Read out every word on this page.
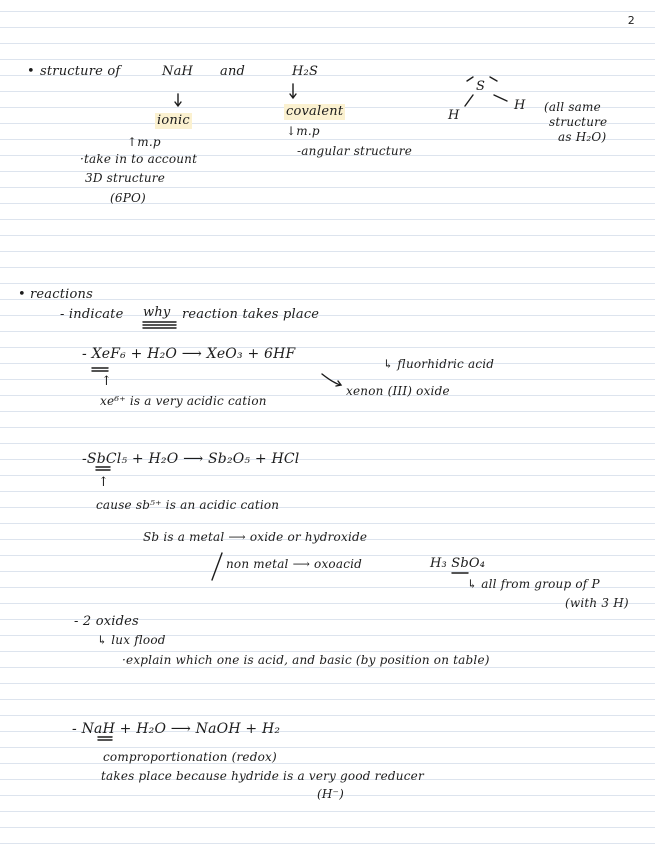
2
• structure of	NaH and	H₂S
ionic
↑m.p
·take in to account
3D structure
(6PO)
covalent
↓m.p
-angular structure
S
H
H (all same
structure
as H₂O)
• reactions
- indicate why reaction takes place
- XeF₆ + H₂O ⟶ XeO₃ + 6HF
↳ fluorhidric acid
xenon (III) oxide
↑
xe⁶⁺ is a very acidic cation
-SbCl₅ + H₂O ⟶ Sb₂O₅ + HCl
↑
cause sb⁵⁺ is an acidic cation
Sb is a metal ⟶ oxide or hydroxide
non metal ⟶ oxoacid	H₃ SbO₄
↳ all from group of P
(with 3 H)
- 2 oxides
↳ lux flood
·explain which one is acid, and basic (by position on table)
- NaH + H₂O ⟶ NaOH + H₂
comproportionation (redox)
takes place because hydride is a very good reducer
(H⁻)
